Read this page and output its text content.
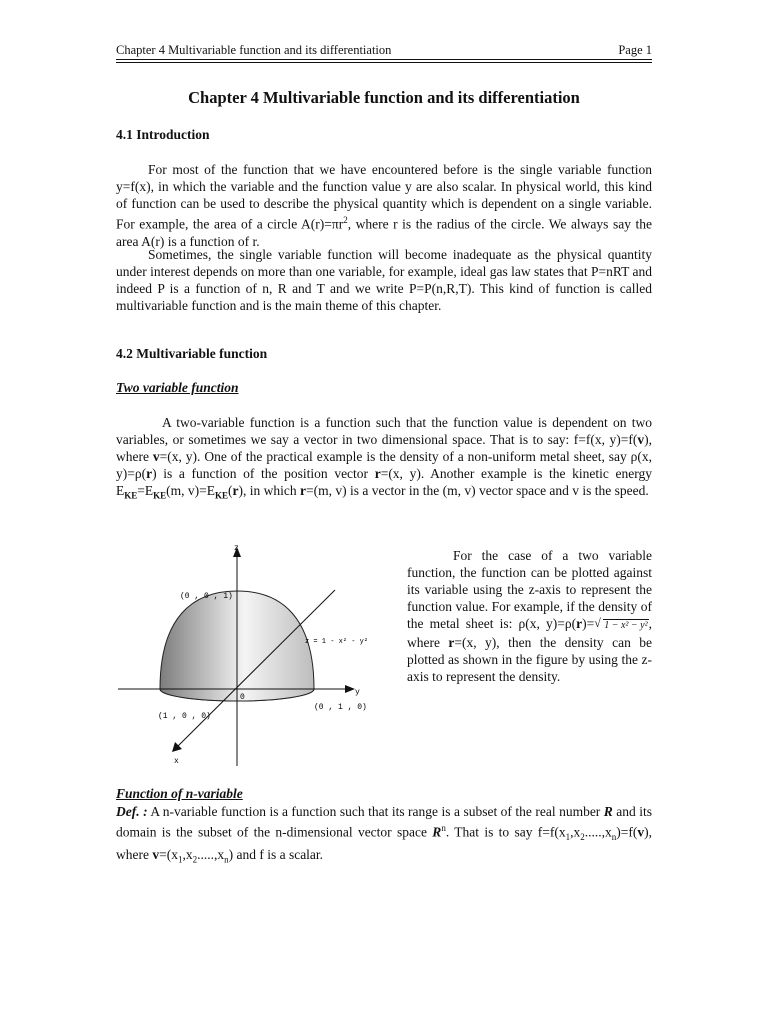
Chapter 4 Multivariable function and its differentiation	Page 1
Chapter 4 Multivariable function and its differentiation
4.1 Introduction

For most of the function that we have encountered before is the single variable function y=f(x), in which the variable and the function value y are also scalar. In physical world, this kind of function can be used to describe the physical quantity which is dependent on a single variable. For example, the area of a circle $A(r)=\pi r^2$, where r is the radius of the circle. We always say the area A(r) is a function of r.

Sometimes, the single variable function will become inadequate as the physical quantity under interest depends on more than one variable, for example, ideal gas law states that P=nRT and indeed P is a function of n, R and T and we write P=P(n,R,T). This kind of function is called multivariable function and is the main theme of this chapter.

4.2 Multivariable function
Two variable function

A two-variable function is a function such that the function value is dependent on two variables, or sometimes we say a vector in two dimensional space. That is to say: f=f(x, y)=f(v), where v=(x, y). One of the practical example is the density of a non-uniform metal sheet, say ρ(x, y)=ρ(r) is a function of the position vector r=(x, y). Another example is the kinetic energy $E_{KE}=E_{KE}(m$, $v)=E_{KE}(r)$, in which r=(m, v) is a vector in the (m, v) vector space and v is the speed.

z
y
x
0
(0 , 0 , 1)
(1 , 0 , 0)
(0 , 1 , 0)
z = 1 - x² - y²

For the case of a two variable function, the function can be plotted against its variable using the z-axis to represent the function value. For example, if the density of the metal sheet is: ρ(x, y)=ρ(r)= √ 1 − x² − y², where r=(x, y), then the density can be plotted as shown in the figure by using the z-axis to represent the density.

Function of n-variable

Def. : A n-variable function is a function such that its range is a subset of the real number R and its domain is the subset of the n-dimensional vector space $R^n$. That is to say $f=f(x_1,x_2.....,x_n)=f(v)$, where $v=(x_1,x_2.....,x_n)$ and f is a scalar.
